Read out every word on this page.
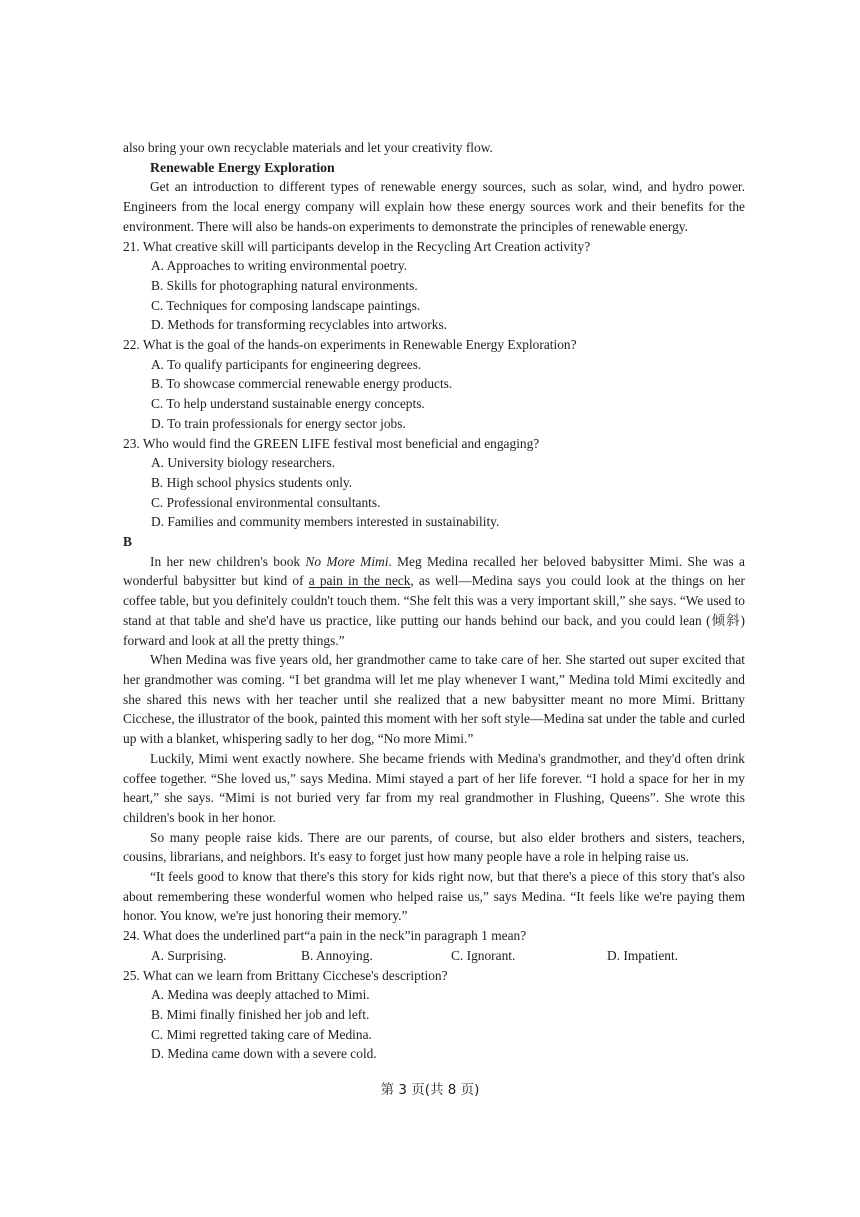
also bring your own recyclable materials and let your creativity flow.

Renewable Energy Exploration

Get an introduction to different types of renewable energy sources, such as solar, wind, and hydro power. Engineers from the local energy company will explain how these energy sources work and their benefits for the environment. There will also be hands-on experiments to demonstrate the principles of renewable energy.

21. What creative skill will participants develop in the Recycling Art Creation activity?

A. Approaches to writing environmental poetry.

B. Skills for photographing natural environments.

C. Techniques for composing landscape paintings.

D. Methods for transforming recyclables into artworks.

22. What is the goal of the hands-on experiments in Renewable Energy Exploration?

A. To qualify participants for engineering degrees.

B. To showcase commercial renewable energy products.

C. To help understand sustainable energy concepts.

D. To train professionals for energy sector jobs.

23. Who would find the GREEN LIFE festival most beneficial and engaging?

A. University biology researchers.

B. High school physics students only.

C. Professional environmental consultants.

D. Families and community members interested in sustainability.

B

In her new children's book No More Mimi. Meg Medina recalled her beloved babysitter Mimi. She was a wonderful babysitter but kind of a pain in the neck, as well—Medina says you could look at the things on her coffee table, but you definitely couldn't touch them. “She felt this was a very important skill,” she says. “We used to stand at that table and she'd have us practice, like putting our hands behind our back, and you could lean (倾斜) forward and look at all the pretty things.”

When Medina was five years old, her grandmother came to take care of her. She started out super excited that her grandmother was coming. “I bet grandma will let me play whenever I want,” Medina told Mimi excitedly and she shared this news with her teacher until she realized that a new babysitter meant no more Mimi. Brittany Cicchese, the illustrator of the book, painted this moment with her soft style—Medina sat under the table and curled up with a blanket, whispering sadly to her dog, “No more Mimi.”

Luckily, Mimi went exactly nowhere. She became friends with Medina's grandmother, and they'd often drink coffee together. “She loved us,” says Medina. Mimi stayed a part of her life forever. “I hold a space for her in my heart,” she says. “Mimi is not buried very far from my real grandmother in Flushing, Queens”. She wrote this children's book in her honor.

So many people raise kids. There are our parents, of course, but also elder brothers and sisters, teachers, cousins, librarians, and neighbors. It's easy to forget just how many people have a role in helping raise us.

“It feels good to know that there's this story for kids right now, but that there's a piece of this story that's also about remembering these wonderful women who helped raise us,” says Medina. “It feels like we're paying them honor. You know, we're just honoring their memory.”

24. What does the underlined part“a pain in the neck”in paragraph 1 mean?

A. Surprising.	B. Annoying.	C. Ignorant.	D. Impatient.

25. What can we learn from Brittany Cicchese's description?

A. Medina was deeply attached to Mimi.

B. Mimi finally finished her job and left.

C. Mimi regretted taking care of Medina.

D. Medina came down with a severe cold.

第 3 页(共 8 页)
